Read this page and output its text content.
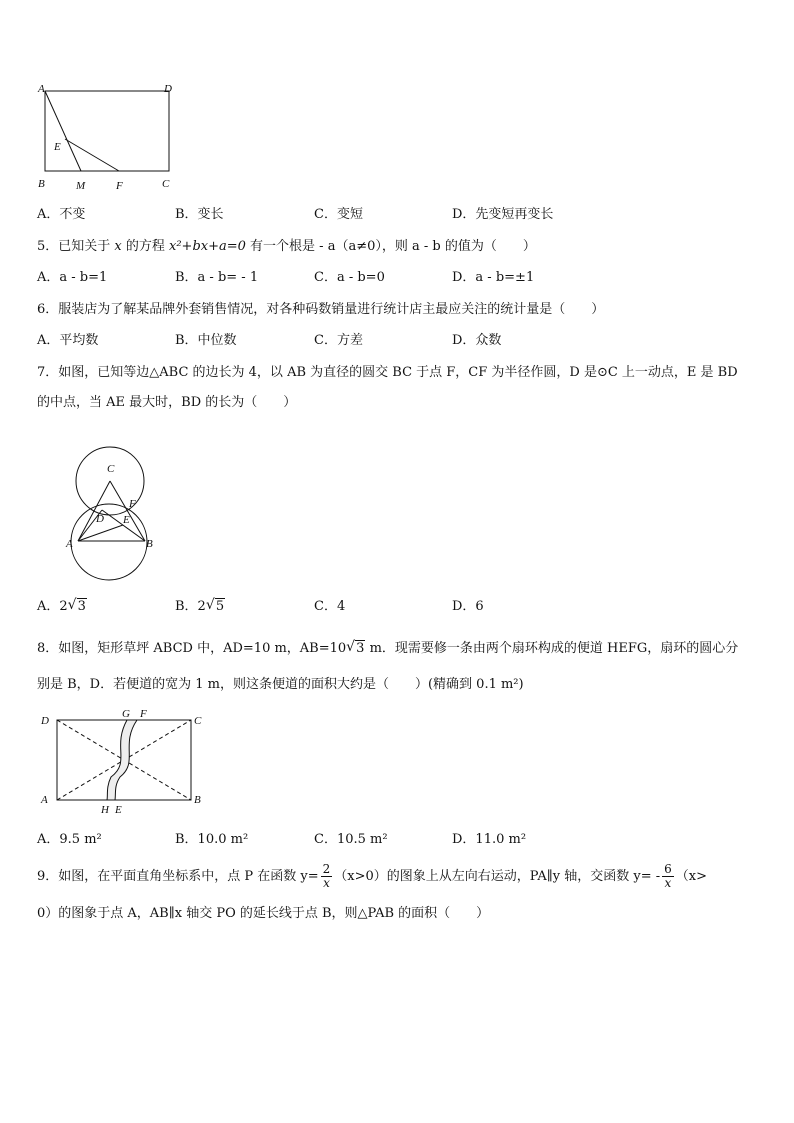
A	D
E
B	M	F	C
A．不变	B．变长	C．变短	D．先变短再变长
5．已知关于 x 的方程 x²+bx+a=0 有一个根是 - a（a≠0），则 a - b 的值为（　　）
A．a - b=1	B．a - b= - 1	C．a - b=0	D．a - b=±1
6．服装店为了解某品牌外套销售情况，对各种码数销量进行统计店主最应关注的统计量是（　　）
A．平均数	B．中位数	C．方差	D．众数
7．如图，已知等边△ABC 的边长为 4，以 AB 为直径的圆交 BC 于点 F，CF 为半径作圆，D 是⊙C 上一动点，E 是 BD
的中点，当 AE 最大时，BD 的长为（　　）
C
F
D E
A	B
A．2 √ 3	B．2 √ 5	C．4	D．6
8．如图，矩形草坪 ABCD 中，AD=10 m，AB=10 √ 3 m．现需要修一条由两个扇环构成的便道 HEFG，扇环的圆心分
别是 B，D．若便道的宽为 1 m，则这条便道的面积大约是（　　）(精确到 0.1 m²)
D
G F
C
A
H E
B
A．9.5 m²	B．10.0 m²	C．10.5 m²	D．11.0 m²
9．如图，在平面直角坐标系中，点 P 在函数 $y= \frac{2}{x} (x>0)$的图象上从左向右运动，PA∥y 轴，交函数 $y= - \frac{6}{x} (x>$
0）的图象于点 A，AB∥x 轴交 PO 的延长线于点 B，则△PAB 的面积（　　）
